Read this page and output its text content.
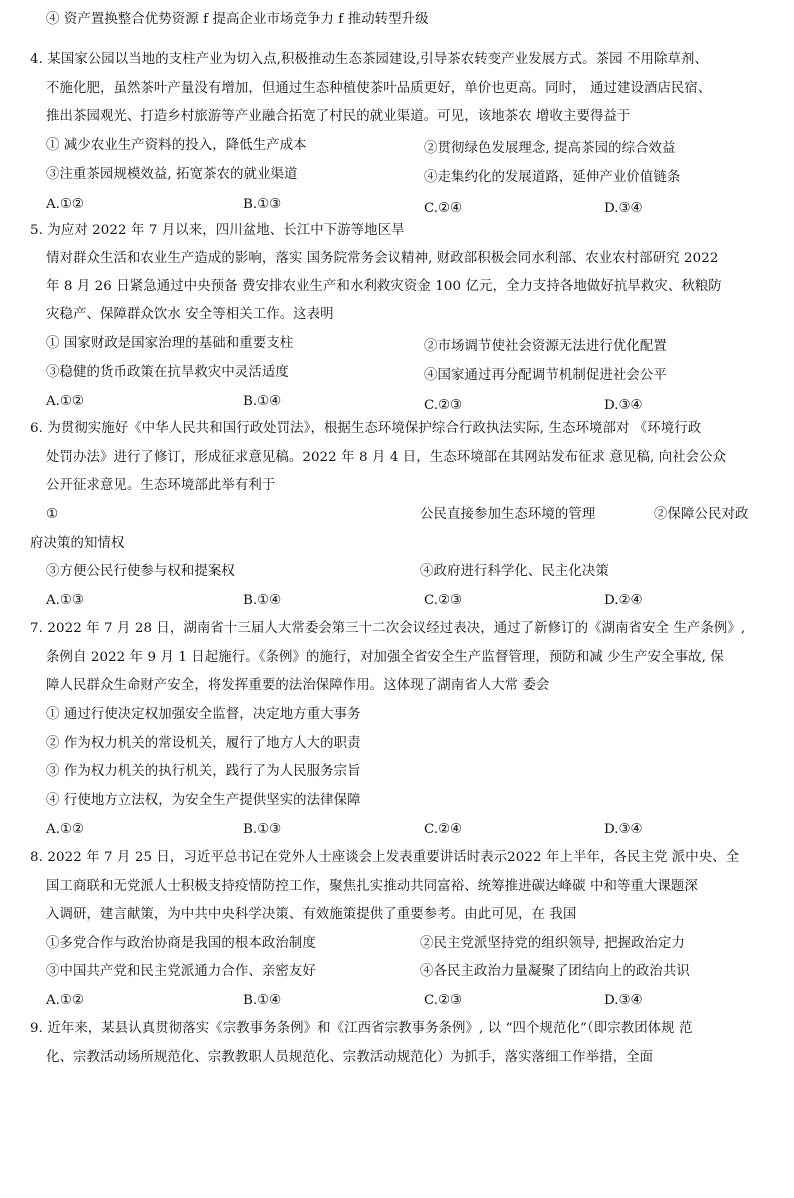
④ 资产置换整合优势资源 f 提高企业市场竞争力 f 推动转型升级
4. 某国家公园以当地的支柱产业为切入点,积极推动生态茶园建设,引导茶农转变产业发展方式。茶园 不用除草剂、
不施化肥，虽然茶叶产量没有增加，但通过生态种植使茶叶品质更好，单价也更高。同时， 通过建设酒店民宿、
推出茶园观光、打造乡村旅游等产业融合拓宽了村民的就业渠道。可见，该地茶农 增收主要得益于
① 减少农业生产资料的投入，降低生产成本	②贯彻绿色发展理念, 提高茶园的综合效益
③注重茶园规模效益, 拓宽茶农的就业渠道	④走集约化的发展道路，延伸产业价值链条
A.①②	B.①③	C.②④	D.③④
5. 为应对 2022 年 7 月以来，四川盆地、长江中下游等地区旱
情对群众生活和农业生产造成的影响，落实 国务院常务会议精神, 财政部积极会同水利部、农业农村部研究 2022
年 8 月 26 日紧急通过中央预备 费安排农业生产和水利救灾资金 100 亿元，全力支持各地做好抗旱救灾、秋粮防
灾稳产、保障群众饮水 安全等相关工作。这表明
① 国家财政是国家治理的基础和重要支柱	②市场调节使社会资源无法进行优化配置
③稳健的货币政策在抗旱救灾中灵活适度	④国家通过再分配调节机制促进社会公平
A.①②	B.①④	C.②③	D.③④
6. 为贯彻实施好《中华人民共和国行政处罚法》，根据生态环境保护综合行政执法实际, 生态环境部对 《环境行政
处罚办法》进行了修订，形成征求意见稿。2022 年 8 月 4 日，生态环境部在其网站发布征求 意见稿, 向社会公众
公开征求意见。生态环境部此举有利于
①	公民直接参加生态环境的管理	②保障公民对政
府决策的知情权
③方便公民行使参与权和提案权	④政府进行科学化、民主化决策
A.①③	B.①④	C.②③	D.②④
7. 2022 年 7 月 28 日，湖南省十三届人大常委会第三十二次会议经过表决，通过了新修订的《湖南省安全 生产条例》,
条例自 2022 年 9 月 1 日起施行。《条例》的施行，对加强全省安全生产监督管理，预防和减 少生产安全事故, 保
障人民群众生命财产安全，将发挥重要的法治保障作用。这体现了湖南省人大常 委会
① 通过行使决定权加强安全监督，决定地方重大事务
② 作为权力机关的常设机关，履行了地方人大的职责
③ 作为权力机关的执行机关，践行了为人民服务宗旨
④ 行使地方立法权，为安全生产提供坚实的法律保障
A.①②	B.①③	C.②④	D.③④
8. 2022 年 7 月 25 日，习近平总书记在党外人士座谈会上发表重要讲话时表示2022 年上半年，各民主党 派中央、全
国工商联和无党派人士积极支持疫情防控工作，聚焦扎实推动共同富裕、统筹推进碳达峰碳 中和等重大课题深
入调研，建言献策，为中共中央科学决策、有效施策提供了重要参考。由此可见，在 我国
①多党合作与政治协商是我国的根本政治制度	②民主党派坚持党的组织领导, 把握政治定力
③中国共产党和民主党派通力合作、亲密友好	④各民主政治力量凝聚了团结向上的政治共识
A.①②	B.①④	C.②③	D.③④
9. 近年来，某县认真贯彻落实《宗教事务条例》和《江西省宗教事务条例》, 以 “四个规范化”（即宗教团体规 范
化、宗教活动场所规范化、宗教教职人员规范化、宗教活动规范化）为抓手，落实落细工作举措，全面
